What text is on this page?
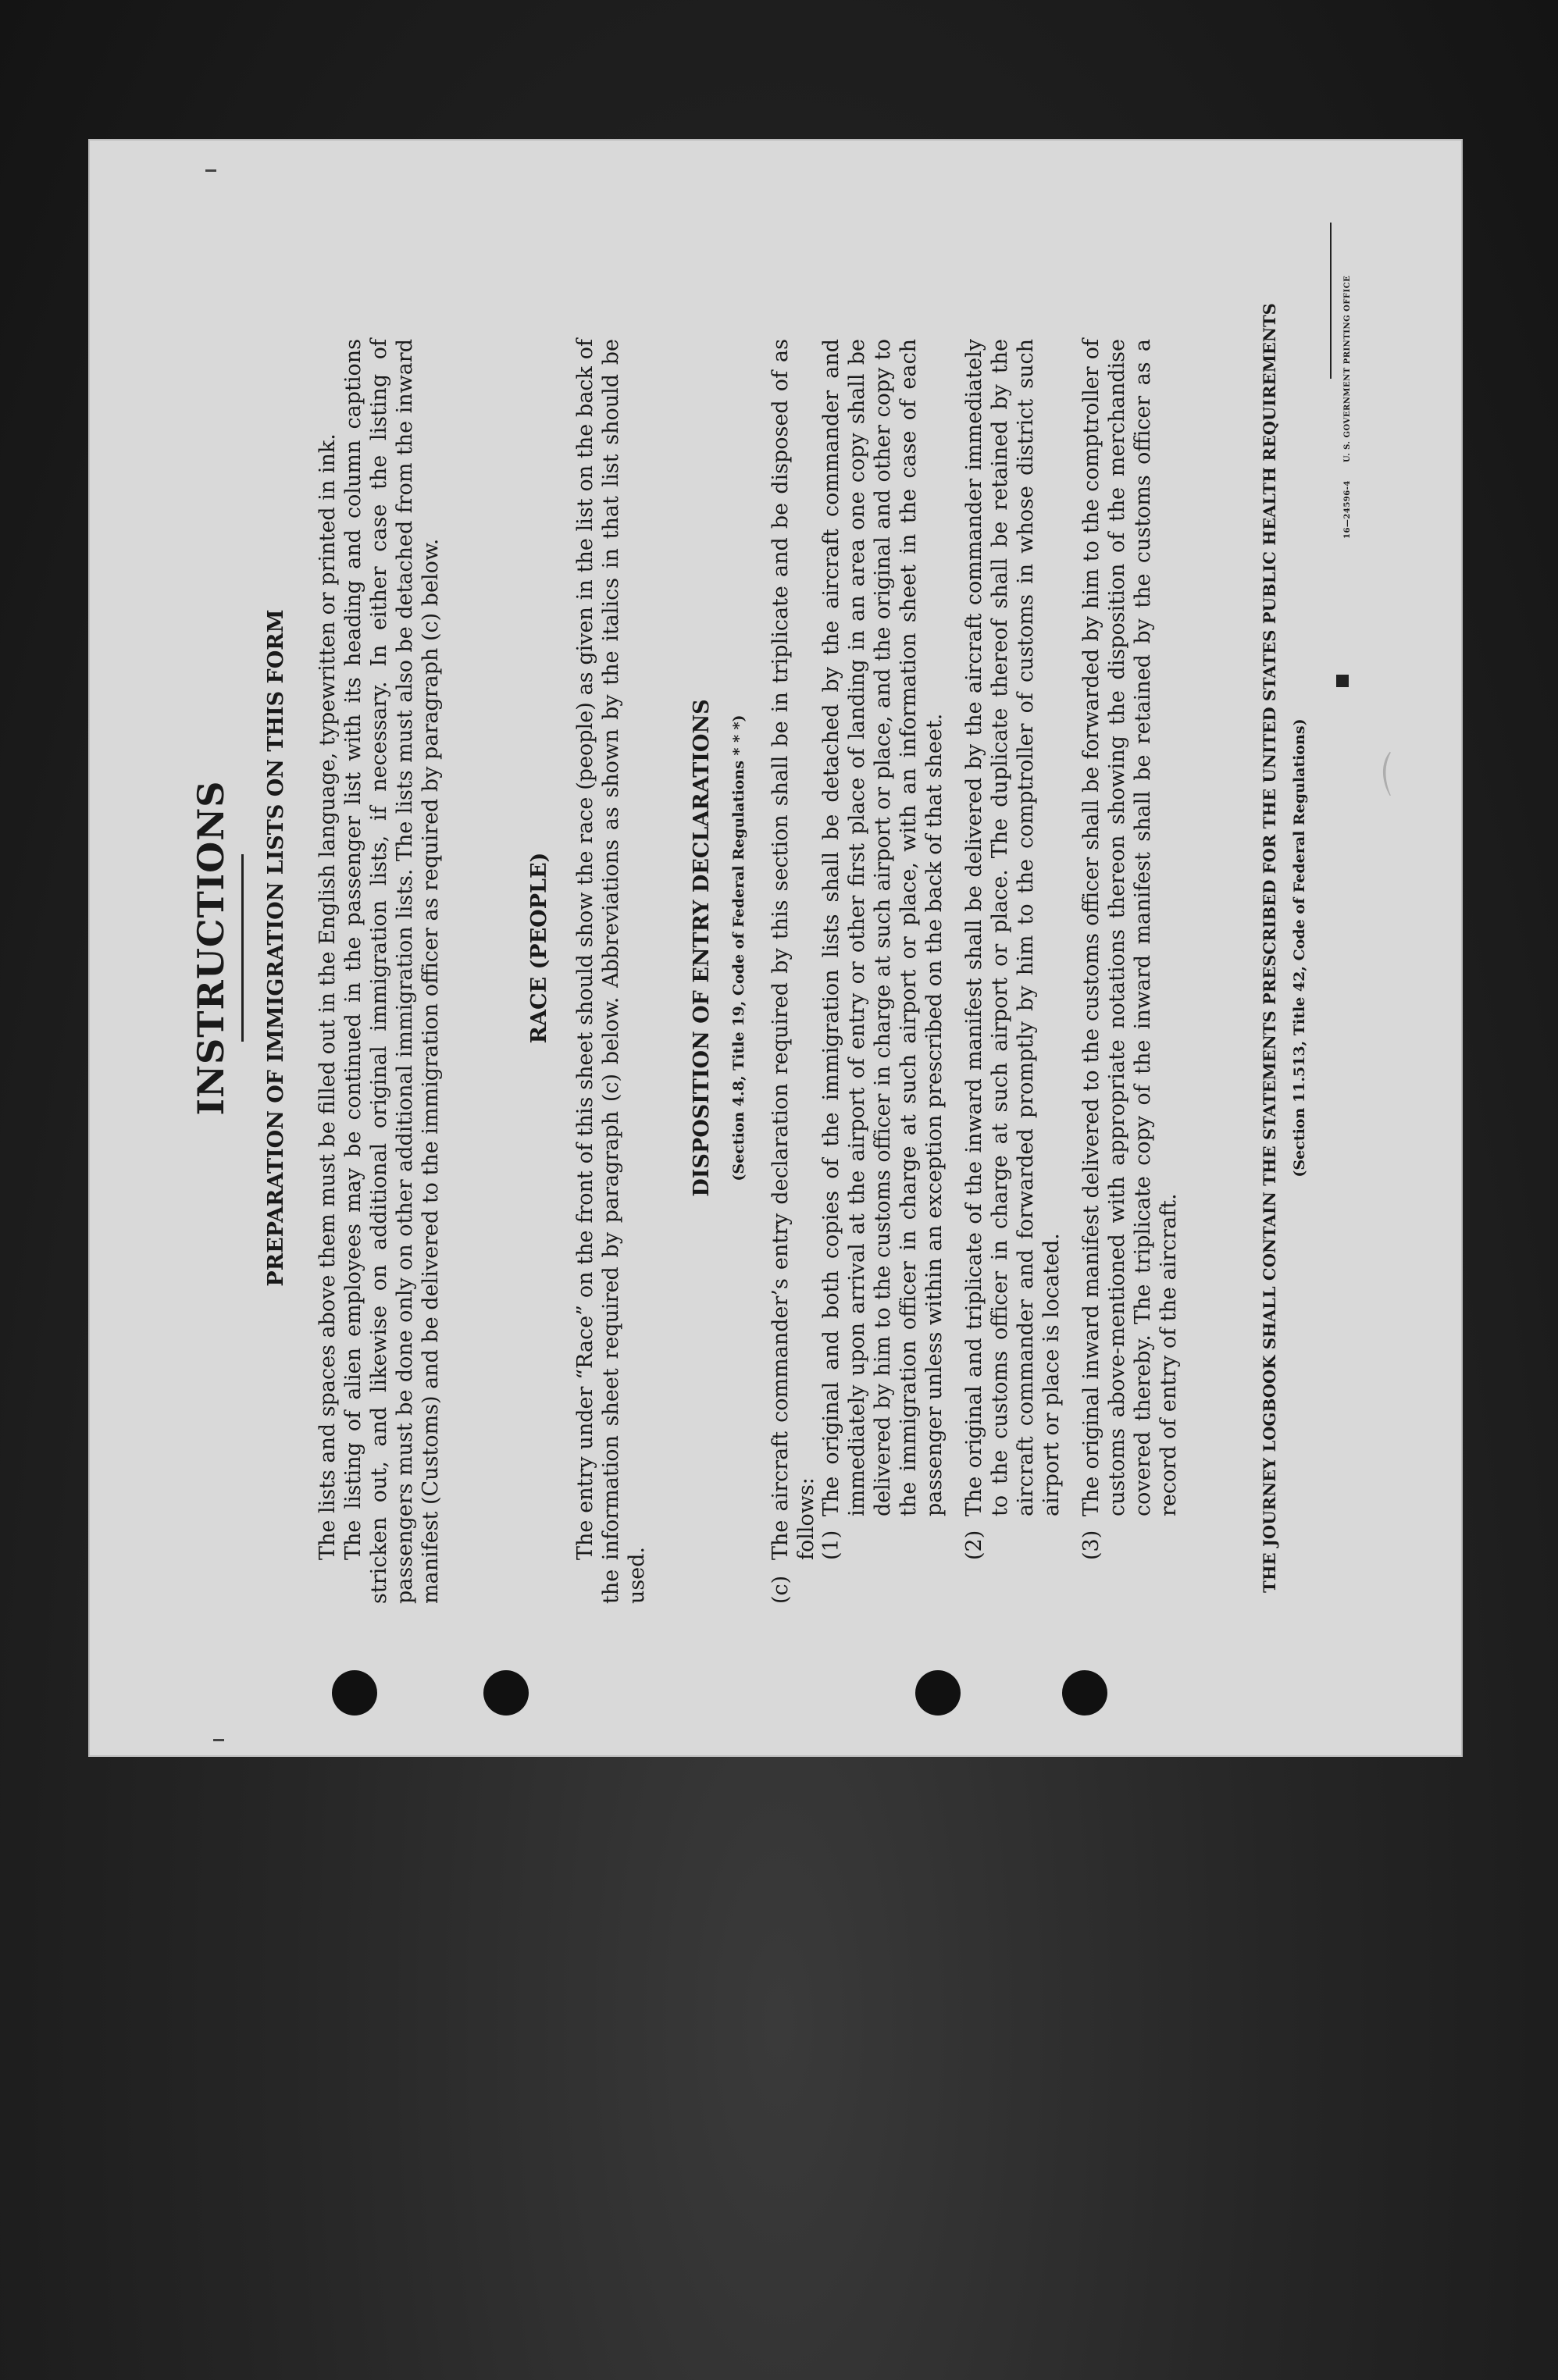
INSTRUCTIONS PREPARATION OF IMMIGRATION LISTS ON THIS FORM The lists and spaces above them must be filled out in the English language, typewritten or printed in ink. The listing of alien employees may be continued in the passenger list with its heading and column captions stricken out, and likewise on additional original immigration lists, if necessary. In either case the listing of passengers must be done only on other additional immigration lists. The lists must also be detached from the inward manifest (Customs) and be delivered to the immigration officer as required by paragraph (c) below.	RACE (PEOPLE) The entry under “Race” on the front of this sheet should show the race (people) as given in the list on the back of the information sheet required by paragraph (c) below. Abbreviations as shown by the italics in that list should be used.

DISPOSITION OF ENTRY DECLARATIONS (Section 4.8, Title 19, Code of Federal Regulations * * *)
(c)
The aircraft commander’s entry declaration required by this section shall be in triplicate and be disposed of as follows: (1)
The original and both copies of the immigration lists shall be detached by the aircraft commander and immediately upon arrival at the airport of entry or other first place of landing in an area one copy shall be delivered by him to the customs officer in charge at such airport or place, and the original and other copy to the immigration officer in charge at such airport or place, with an information sheet in the case of each passenger unless within an exception prescribed on the back of that sheet.
(2)
The original and triplicate of the inward manifest shall be delivered by the aircraft commander immediately to the customs officer in charge at such airport or place. The duplicate thereof shall be retained by the aircraft commander and forwarded promptly by him to the comptroller of customs in whose district such airport or place is located.
(3)
The original inward manifest delivered to the customs officer shall be forwarded by him to the comptroller of customs above-mentioned with appropriate notations thereon showing the disposition of the merchandise covered thereby. The triplicate copy of the inward manifest shall be retained by the customs officer as a record of entry of the aircraft.	THE JOURNEY LOGBOOK SHALL CONTAIN THE STATEMENTS PRESCRIBED FOR THE UNITED STATES PUBLIC HEALTH REQUIREMENTS (Section 11.513, Title 42, Code of Federal Regulations)
16—24596-4 U. S. GOVERNMENT PRINTING OFFICE
⌒
